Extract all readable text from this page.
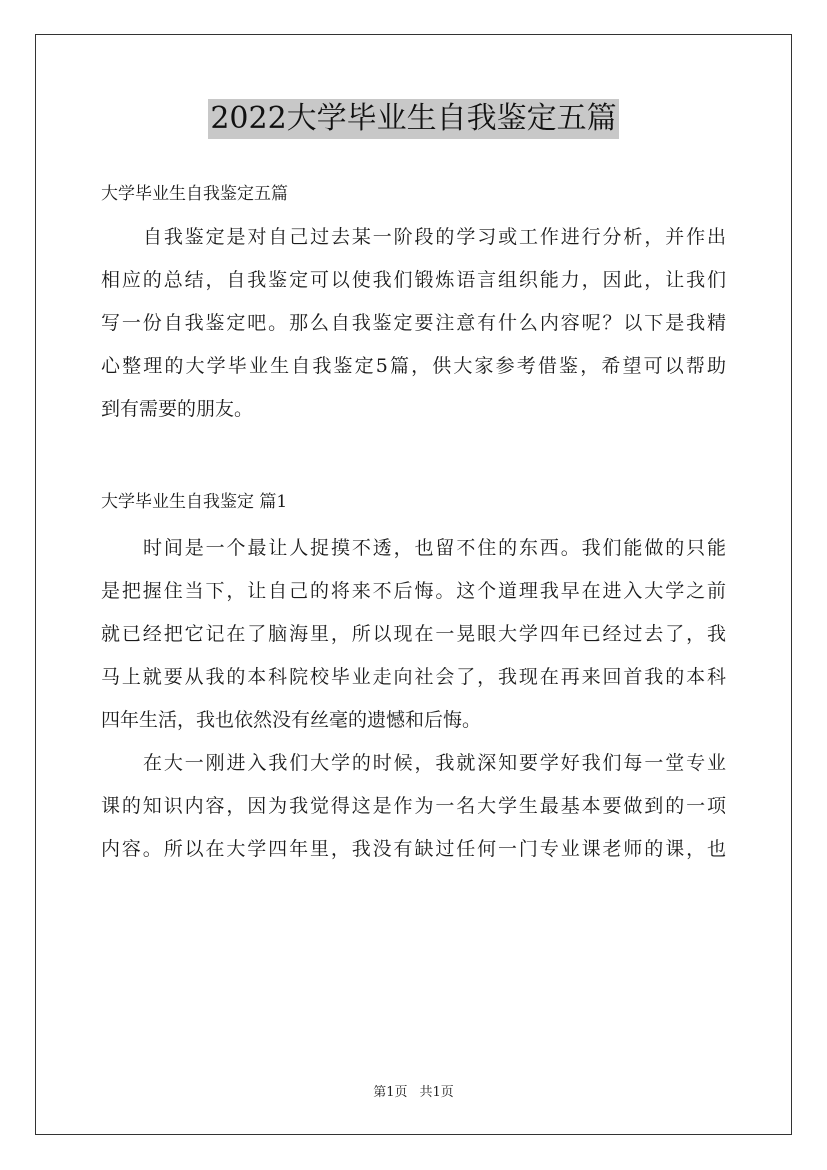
2022大学毕业生自我鉴定五篇
大学毕业生自我鉴定五篇
自我鉴定是对自己过去某一阶段的学习或工作进行分析，并作出
相应的总结，自我鉴定可以使我们锻炼语言组织能力，因此，让我们
写一份自我鉴定吧。那么自我鉴定要注意有什么内容呢？以下是我精
心整理的大学毕业生自我鉴定5篇，供大家参考借鉴，希望可以帮助
到有需要的朋友。
大学毕业生自我鉴定 篇1
时间是一个最让人捉摸不透，也留不住的东西。我们能做的只能
是把握住当下，让自己的将来不后悔。这个道理我早在进入大学之前
就已经把它记在了脑海里，所以现在一晃眼大学四年已经过去了，我
马上就要从我的本科院校毕业走向社会了，我现在再来回首我的本科
四年生活，我也依然没有丝毫的遗憾和后悔。
在大一刚进入我们大学的时候，我就深知要学好我们每一堂专业
课的知识内容，因为我觉得这是作为一名大学生最基本要做到的一项
内容。所以在大学四年里，我没有缺过任何一门专业课老师的课，也
第1页 共1页
